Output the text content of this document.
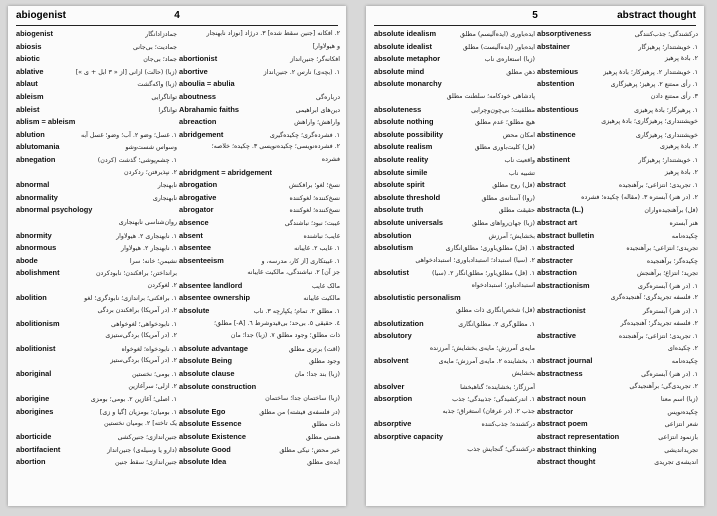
abiogenist	4
abiogenist	جمادزادانگار
abiosis	جمادیت؛ بی‌جانی
abiotic	جماد؛ بی‌جان
ablative	(زبا) (حالت) ازانی [از « ٣ ابل + ى »]
ablaut	(زبا) واکه‌گشت
ableism	توانا‌گرایی
ableist	توانا‌گرا
ablism = ableism
ablution	١. غسل؛ وضو ٢. آب؛ وضو؛ غسل آبه
ablutomania	وسواس شست‌وشو
abnegation	١. چشم‌پوشی؛ گذشت (کردن)
٢. نپذیرفتن؛ ردکردن
abnormal	نابهنجار
abnormality	نابهنجاری
abnormal psychology
روان‌شناسی نابهنجاری
abnormity	١. نابهنجاری ٢. هیولاوار
abnormous	١. نابهنجار ٢. هیولاوار
abode	نشیمن؛ خانه؛ سرا
abolishment	برانداختن؛ برافکندن؛ نابودکردن
٢. لغوکردن
abolition	١. برافکنی؛ براندازی؛ نابودگری؛ لغو
٢. (در آمریکا) برافکندن بردگی
abolitionism	١. نابودخواهی؛ لغوخواهی
٢. (در آمریکا) بردگی‌ستیزی
abolitionist	١. نابودخواه؛ لغوخواه
٢. (در آمریکا) بردگی‌ستیز
aboriginal	١. بومی؛ نخستین
٢. ازلی؛ سرآغازین
aborigine	١. اصلی؛ آغازین ٢. بومی؛ بومزی
aborigines	١. بومیان؛ بومزیان [گیا و زی]
یک تاخته] ٢. بومیان نخستین
aborticide	جنین‌اندازی؛ جنین‌کشی
abortifacient	(دارو یا وسیله‌ی) جنین‌انداز
abortion	جنین‌اندازی؛ سقط جنین
٢. افکانه [جنین سقط شده] ٣. درژاد [نوزاد نابهنجار
و هیولاوار]
abortionist	افکانه‌گر؛ جنین‌انداز
abortive	١. (بچه‌ی) نارس ٢. جنین‌انداز
aboulia = abulia
aboutness	درباره‌گی
Abrahamic faiths	دین‌های ابراهیمی
abreaction	واراهش؛ واراهش
abridgement	١. فشرده‌گری؛ چکیده‌گیری
٢. فشرده‌نویسی؛ چکیده‌نویسی ٣. چکیده؛ خلاصه؛
فشرده
abridgment = abridgement
abrogation	نسخ؛ لغو؛ برافکنش
abrogative	نسخ‌کننده؛ لغوکننده
abrogator	نسخ‌کننده؛ لغوکننده
absence	غیبت؛ نبود؛ نباشندگی
absent	غایب؛ نباشنده
absentee	١. غایب ٢. غایبانه
absenteeism	١. غیبتکاری [از کار، مدرسه، و
جز آن] ٢. نباشندگی، مالکیت غایبانه
absentee landlord	مالک غایب
absentee ownership	مالکیت غایبانه
absolute	١. مطلق ٢. تمام؛ یکپارچه ٣. ناب
٤. حقیقی ٥. بی‌حد؛ بی‌قید‌وشرط ٦. [A-] مطلق؛
ذات مطلق؛ وجود مطلق ٧. (زبا) جدا؛ مان
absolute advantage	(اقت) برتری مطلق
absolute Being	وجود مطلق
absolute clause	(زبا) بند جدا؛ مان
absolute construction
(زبا) ساختمان جدا؛ ساختمان
absolute Ego	(در فلسفه‌ی فیشته) من مطلق
absolute Essence	ذات مطلق
absolute Existence	هستی مطلق
absolute Good	خیر محض؛ نیکی مطلق
absolute Idea	ایده‌ی مطلق
5	abstract thought
absolute idealism	ایده‌باوری (ایده‌آلیسم) مطلق
absolute idealist	ایده‌باور (ایده‌آلیست) مطلق
absolute metaphor	(زبا) استعاره‌ی ناب
absolute mind	ذهن مطلق
absolute monarchy
پادشاهی خودکامه؛ سلطنت مطلق
absoluteness	مطلقیت؛ بی‌چون‌وچرایی
absolute nothing	هیچ مطلق؛ عدم مطلق
absolute possibility	امکان محض
absolute realism	(فل) کلیت‌باوری مطلق
absolute reality	واقعیت ناب
absolute simile	تشبیه ناب
absolute spirit	(فل) روح مطلق
absolute threshold	(روا) آستانه‌ی مطلق
absolute truth	حقیقت مطلق
absolute universals	(زبا) جهان‌روا‌های مطلق
absolution	بخشایش؛ آمرزش
absolutism	١. (فل) مطلق‌باوری؛ مطلق‌انگاری
٢. (سیا) استبداد؛ استبدادباوری؛ استبدادخواهی
absolutist	١. (فل) مطلق‌باور؛ مطلق‌انگار ٢. (سیا)
استبدادباور؛ استبدادخواه
absolutistic personalism
(فل) شخص‌انگاری ذات مطلق
absolutization	١. مطلق‌گری ٢. مطلق‌انگاری
absolutory
مایه‌ی آمرزش؛ مایه‌ی بخشایش؛ آمرزنده
absolvent	١. بخشاینده ٢. مایه‌ی آمرزش؛ مایه‌ی
بخشایش
absolver	آمرزگار؛ بخشاینده؛ گناهبخشا
absorption	١. اندرکشیدگی؛ جذبیدگی؛ جذب
جذب ٢. (در عرفان) استغراق؛ جذبه
absorptive	درکشنده؛ جذب‌کننده
absorptive capacity
درکشندگی؛ گنجایش جذب
absorptiveness	درکشندگی؛ جذب‌کنندگی
abstainer	١. خویشتندار؛ پرهیزگار
٢. بادهٔ پرهیز
abstemious	١. خویشتندار ٢. پرهیزکار؛ بادهٔ پرهیز
abstention	١. رأی ممتنع ٢. پرهیز؛ پرهیزگاری
٣. رأی ممتنع دادن
abstentious	١. پرهیزگار؛ بادهٔ پرهیزی
خویشتنداری؛ پرهیزگاری؛ بادهٔ پرهیزی
abstinence	خویشتنداری؛ پرهیزگاری
٢. بادهٔ پرهیزی
abstinent	١. خویشتندار؛ پرهیزگار
٢. بادهٔ پرهیز
abstract	١. تجریدی؛ انتزاعی؛ برآهنجیده
٢. (در هنر) آبستره ٣. (مقاله) چکیده؛ فشرده
abstracta (L.)	(فل) برآهنجیده‌واران
abstract art	هنر آبستره
abstract bulletin	چکیده‌نامه
abstracted	تجریدی؛ انتزاعی؛ برآهنجیده
abstracter	چکیده‌گر؛ برآهنجیده
abstraction	تجرید؛ انتزاع؛ برآهنجش
abstractionism	١. (در هنر) آبستره‌گری
٢. فلسفه تجریدگری؛ آهنجیده‌گری
abstractionist	١. (در هنر) آبستره‌گر
٢. فلسفه تجریدگر؛ آهنجیده‌گر
abstractive	١. تجریدی؛ انتزاعی؛ برآهنجنده
٢. چکیده‌ای
abstract journal	چکیده‌نامه
abstractness	١. (در هنر) آبستره‌گی
٢. تجریدی‌گی؛ برآهنجیدگی
abstract noun	(زبا) اسم معنا
abstractor	چکیده‌نویس
abstract poem	شعر انتزاعی
abstract representation	بازنمود انتزاعی
abstract thinking	تجریداندیشی
abstract thought	اندیشه‌ی تجریدی
